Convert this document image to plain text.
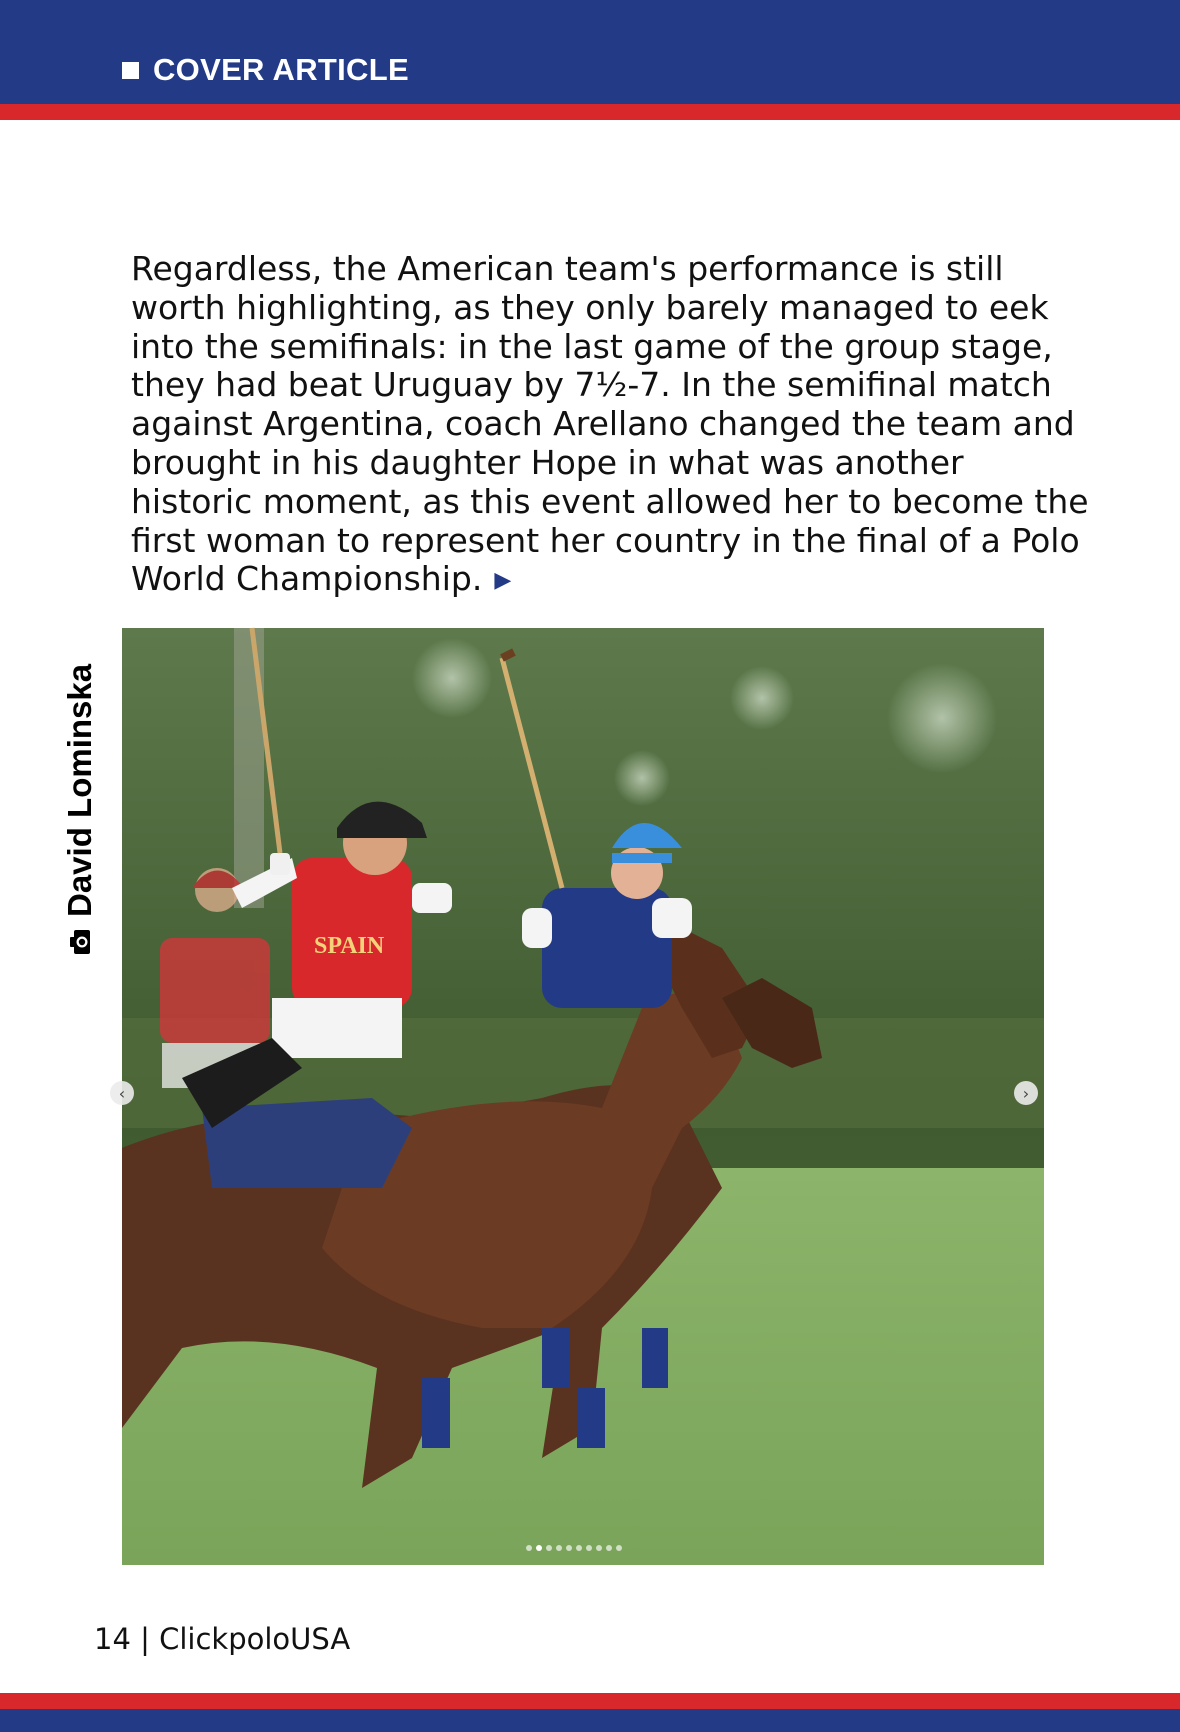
COVER ARTICLE

Regardless, the American team's performance is still worth highlighting, as they only barely managed to eek into the semifinals: in the last game of the group stage, they had beat Uruguay by 7½-7. In the semifinal match against Argentina, coach Arellano changed the team and brought in his daughter Hope in what was another historic moment, as this event allowed her to become the first woman to represent her country in the final of a Polo World Championship. ▶

David Lominska
SPAIN
‹	›
14 | ClickpoloUSA
